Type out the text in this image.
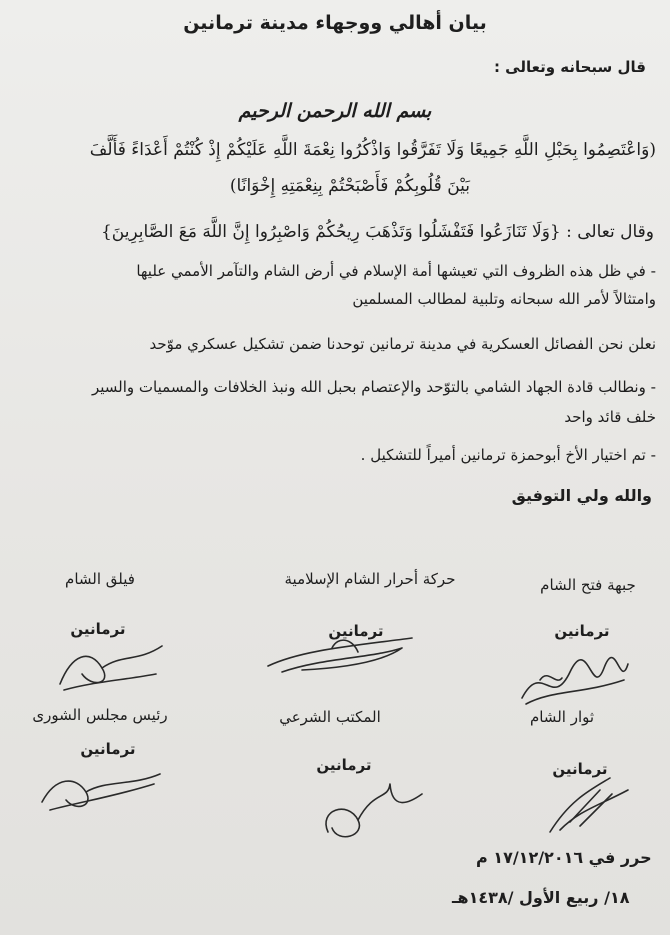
بيان أهالي ووجهاء مدينة ترمانين
قال سبحانه وتعالى :
بسم الله الرحمن الرحيم
(وَاعْتَصِمُوا بِحَبْلِ اللَّهِ جَمِيعًا وَلَا تَفَرَّقُوا وَاذْكُرُوا نِعْمَةَ اللَّهِ عَلَيْكُمْ إِذْ كُنْتُمْ أَعْدَاءً فَأَلَّفَ
بَيْنَ قُلُوبِكُمْ فَأَصْبَحْتُمْ بِنِعْمَتِهِ إِخْوَانًا)
وقال تعالى : {وَلَا تَنَازَعُوا فَتَفْشَلُوا وَتَذْهَبَ رِيحُكُمْ وَاصْبِرُوا إِنَّ اللَّهَ مَعَ الصَّابِرِينَ}
- في ظل هذه الظروف التي تعيشها أمة الإسلام في أرض الشام والتآمر الأممي عليها
وامتثالاً لأمر الله سبحانه وتلبية لمطالب المسلمين
نعلن نحن الفصائل العسكرية في مدينة ترمانين توحدنا ضمن تشكيل عسكري موّحد
- ونطالب قادة الجهاد الشامي بالتوّحد والإعتصام بحبل الله ونبذ الخلافات والمسميات والسير
خلف قائد واحد
- تم اختيار الأخ أبوحمزة ترمانين أميراً للتشكيل .
والله ولي التوفيق
جبهة فتح الشام
حركة أحرار الشام الإسلامية
فيلق الشام
ترمانين
ترمانين
ترمانين
ثوار الشام
المكتب الشرعي
رئيس مجلس الشورى
ترمانين
ترمانين
ترمانين
حرر في ١٧/١٢/٢٠١٦ م
١٨/ ربيع الأول /١٤٣٨هـ
